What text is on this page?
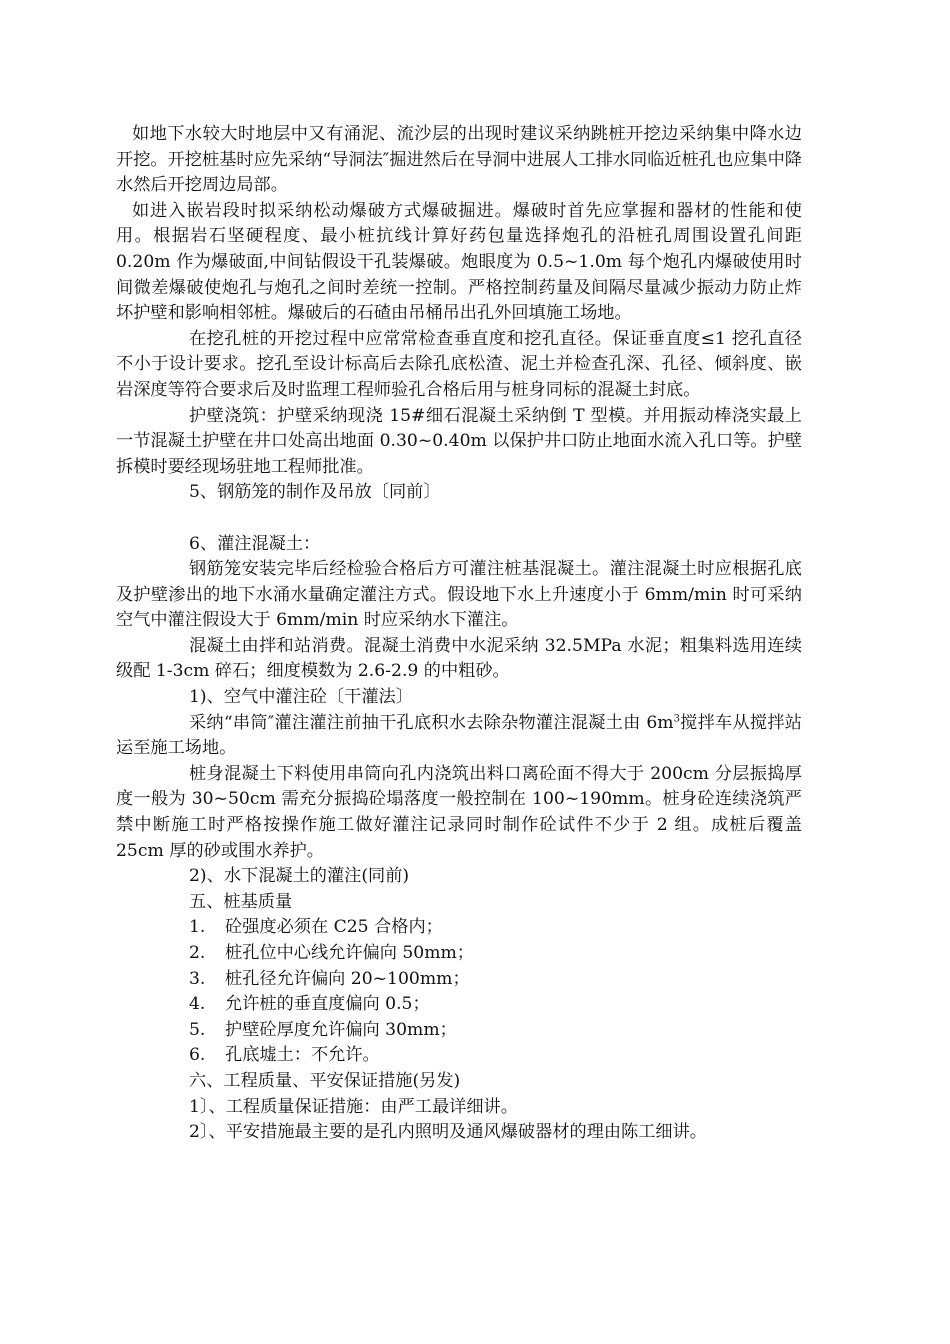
如地下水较大时地层中又有涌泥、流沙层的出现时建议采纳跳桩开挖边采纳集中降水边开挖。开挖桩基时应先采纳“导洞法″掘进然后在导洞中进展人工排水同临近桩孔也应集中降水然后开挖周边局部。

如进入嵌岩段时拟采纳松动爆破方式爆破掘进。爆破时首先应掌握和器材的性能和使用。根据岩石坚硬程度、最小桩抗线计算好药包量选择炮孔的沿桩孔周围设置孔间距 0.20m 作为爆破面,中间钻假设干孔装爆破。炮眼度为 0.5~1.0m 每个炮孔内爆破使用时间微差爆破使炮孔与炮孔之间时差统一控制。严格控制药量及间隔尽量减少振动力防止炸坏护壁和影响相邻桩。爆破后的石碴由吊桶吊出孔外回填施工场地。

在挖孔桩的开挖过程中应常常检查垂直度和挖孔直径。保证垂直度≤1 挖孔直径不小于设计要求。挖孔至设计标高后去除孔底松渣、泥土并检查孔深、孔径、倾斜度、嵌岩深度等符合要求后及时监理工程师验孔合格后用与桩身同标的混凝土封底。

护壁浇筑：护壁采纳现浇 15#细石混凝土采纳倒 T 型模。并用振动棒浇实最上一节混凝土护壁在井口处高出地面 0.30~0.40m 以保护井口防止地面水流入孔口等。护壁拆模时要经现场驻地工程师批准。

5、钢筋笼的制作及吊放〔同前〕

6、灌注混凝土：

钢筋笼安装完毕后经检验合格后方可灌注桩基混凝土。灌注混凝土时应根据孔底及护壁渗出的地下水涌水量确定灌注方式。假设地下水上升速度小于 6mm/min 时可采纳空气中灌注假设大于 6mm/min 时应采纳水下灌注。

混凝土由拌和站消费。混凝土消费中水泥采纳 32.5MPa 水泥；粗集料选用连续级配 1-3cm 碎石；细度模数为 2.6-2.9 的中粗砂。

1)、空气中灌注砼〔干灌法〕

采纳“串筒″灌注灌注前抽干孔底积水去除杂物灌注混凝土由 $6m^3$搅拌车从搅拌站运至施工场地。

桩身混凝土下料使用串筒向孔内浇筑出料口离砼面不得大于 200cm 分层振捣厚度一般为 30~50cm 需充分振捣砼塌落度一般控制在 100~190mm。桩身砼连续浇筑严禁中断施工时严格按操作施工做好灌注记录同时制作砼试件不少于 2 组。成桩后覆盖 25cm 厚的砂或围水养护。

2)、水下混凝土的灌注(同前)

五、桩基质量

1.	砼强度必须在 C25 合格内；
2.	桩孔位中心线允许偏向 50mm；
3.	桩孔径允许偏向 20~100mm；
4.	允许桩的垂直度偏向 0.5；
5.	护壁砼厚度允许偏向 30mm；
6.	孔底墟土：不允许。

六、工程质量、平安保证措施(另发)

1〕、工程质量保证措施：由严工最详细讲。

2〕、平安措施最主要的是孔内照明及通风爆破器材的理由陈工细讲。
